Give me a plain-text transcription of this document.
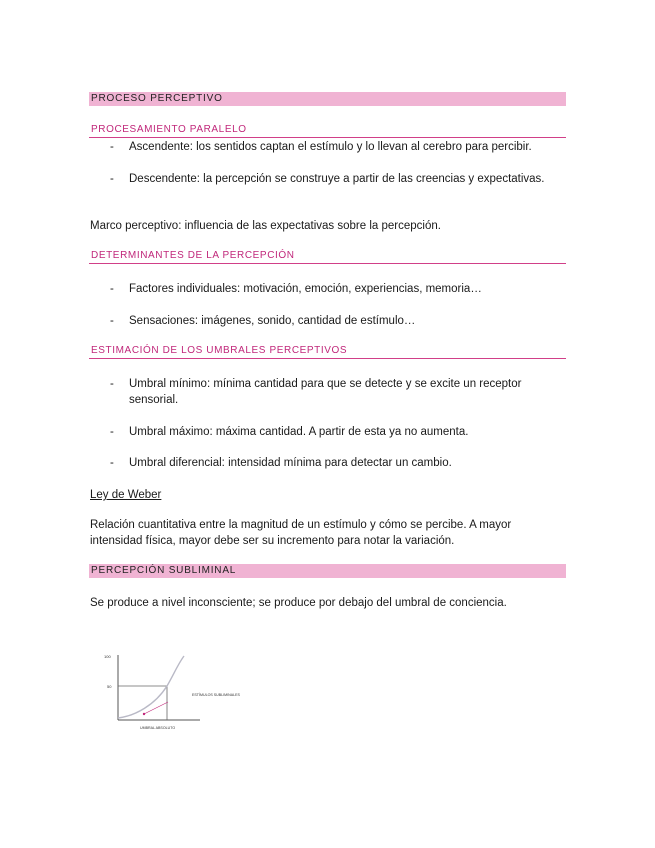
PROCESO PERCEPTIVO
PROCESAMIENTO PARALELO
Ascendente: los sentidos captan el estímulo y lo llevan al cerebro para percibir.
-
-	Descendente: la percepción se construye a partir de las creencias y expectativas.
Marco perceptivo: influencia de las expectativas sobre la percepción.
DETERMINANTES DE LA PERCEPCIÓN
-	Factores individuales: motivación, emoción, experiencias, memoria…
-	Sensaciones: imágenes, sonido, cantidad de estímulo…
ESTIMACIÓN DE LOS UMBRALES PERCEPTIVOS
-	Umbral mínimo: mínima cantidad para que se detecte y se excite un receptor sensorial.
-	Umbral máximo: máxima cantidad. A partir de esta ya no aumenta.
-	Umbral diferencial: intensidad mínima para detectar un cambio.
Ley de Weber
Relación cuantitativa entre la magnitud de un estímulo y cómo se percibe. A mayor intensidad física, mayor debe ser su incremento para notar la variación.
PERCEPCIÓN SUBLIMINAL
Se produce a nivel inconsciente; se produce por debajo del umbral de conciencia.
100
50
ESTÍMULOS SUBLIMINALES
UMBRAL ABSOLUTO
